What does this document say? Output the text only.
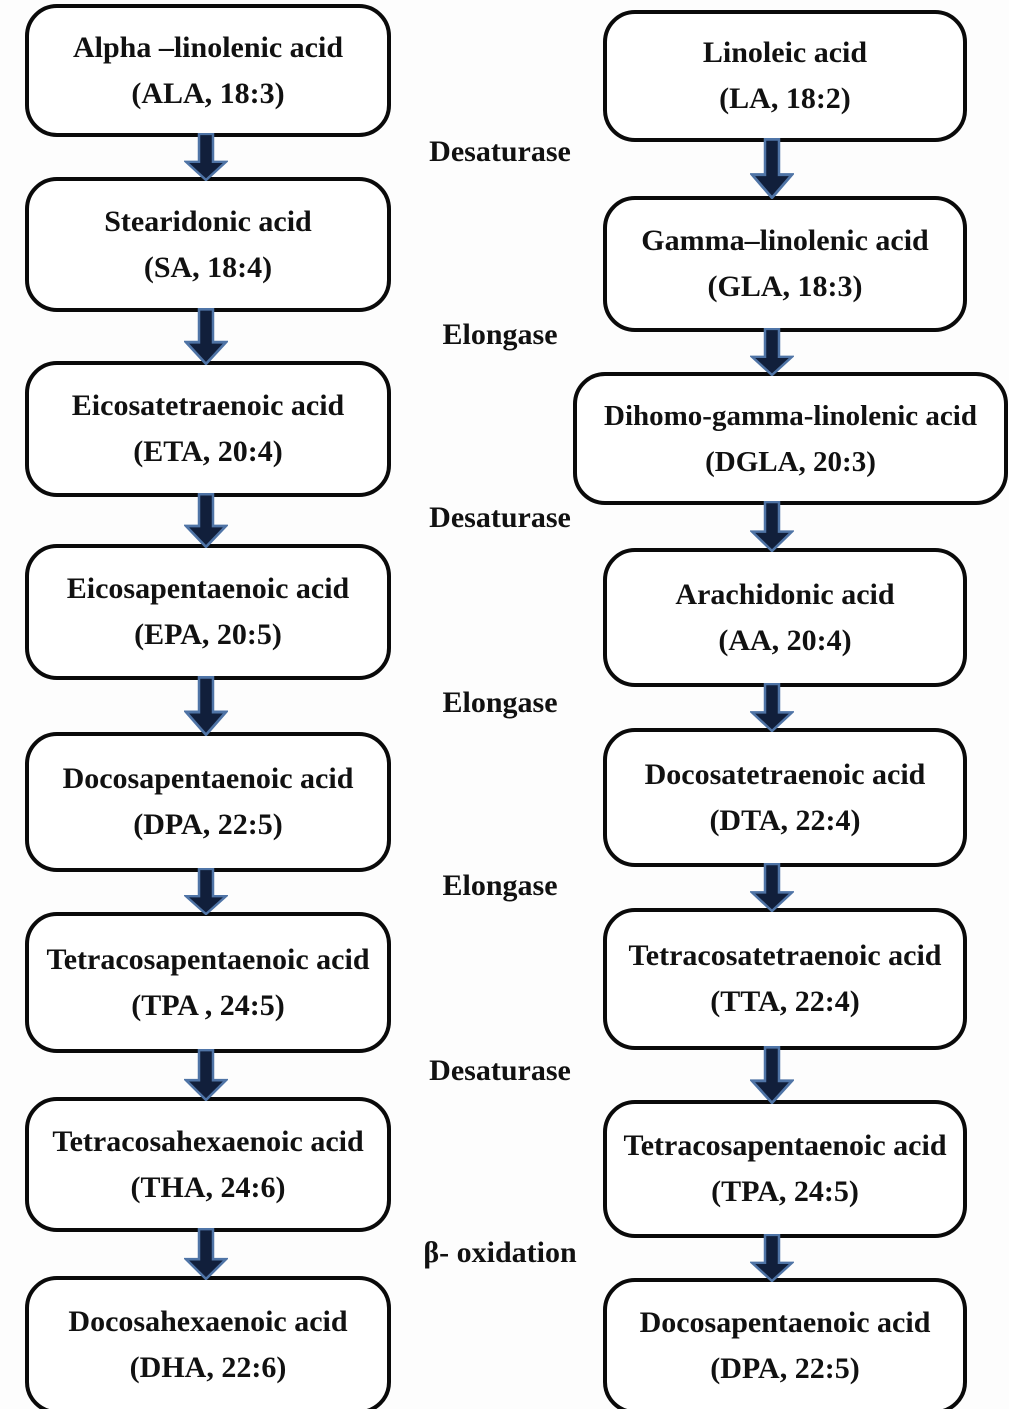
Alpha –linolenic acid
(ALA, 18:3)
Stearidonic acid
(SA, 18:4)
Eicosatetraenoic acid
(ETA, 20:4)
Eicosapentaenoic acid
(EPA, 20:5)
Docosapentaenoic acid
(DPA, 22:5)
Tetracosapentaenoic acid
(TPA , 24:5)
Tetracosahexaenoic acid
(THA, 24:6)
Docosahexaenoic acid
(DHA, 22:6)
Linoleic acid
(LA, 18:2)
Gamma–linolenic acid
(GLA, 18:3)
Dihomo-gamma-linolenic acid
(DGLA, 20:3)
Arachidonic acid
(AA, 20:4)
Docosatetraenoic acid
(DTA, 22:4)
Tetracosatetraenoic acid
(TTA, 22:4)
Tetracosapentaenoic acid
(TPA, 24:5)
Docosapentaenoic acid
(DPA, 22:5)
Desaturase
Elongase
Desaturase
Elongase
Elongase
Desaturase
β- oxidation
